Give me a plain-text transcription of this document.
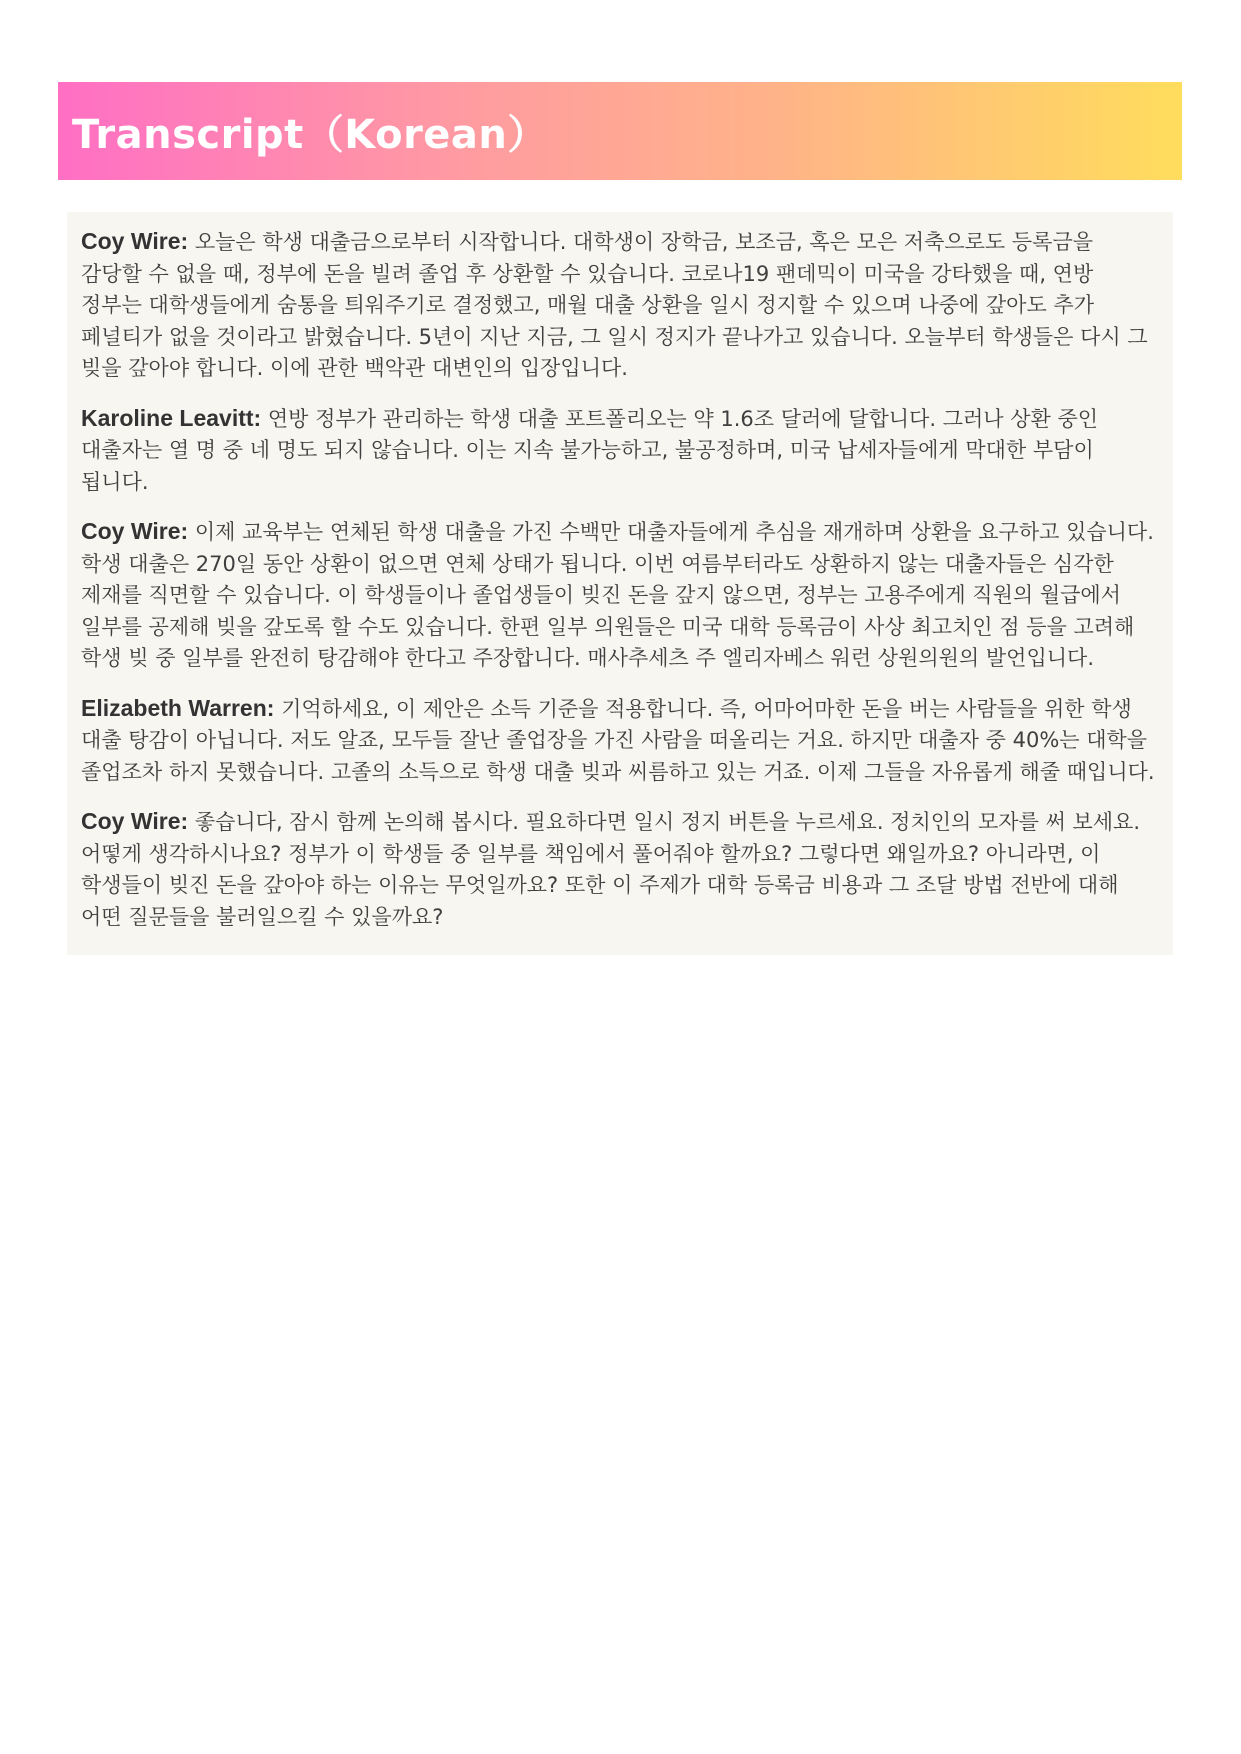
Transcript（Korean）

Coy Wire: 오늘은 학생 대출금으로부터 시작합니다. 대학생이 장학금, 보조금, 혹은 모은 저축으로도 등록금을 감당할 수 없을 때, 정부에 돈을 빌려 졸업 후 상환할 수 있습니다. 코로나19 팬데믹이 미국을 강타했을 때, 연방 정부는 대학생들에게 숨통을 틔워주기로 결정했고, 매월 대출 상환을 일시 정지할 수 있으며 나중에 갚아도 추가 페널티가 없을 것이라고 밝혔습니다. 5년이 지난 지금, 그 일시 정지가 끝나가고 있습니다. 오늘부터 학생들은 다시 그 빚을 갚아야 합니다. 이에 관한 백악관 대변인의 입장입니다.

Karoline Leavitt: 연방 정부가 관리하는 학생 대출 포트폴리오는 약 1.6조 달러에 달합니다. 그러나 상환 중인 대출자는 열 명 중 네 명도 되지 않습니다. 이는 지속 불가능하고, 불공정하며, 미국 납세자들에게 막대한 부담이 됩니다.

Coy Wire: 이제 교육부는 연체된 학생 대출을 가진 수백만 대출자들에게 추심을 재개하며 상환을 요구하고 있습니다. 학생 대출은 270일 동안 상환이 없으면 연체 상태가 됩니다. 이번 여름부터라도 상환하지 않는 대출자들은 심각한 제재를 직면할 수 있습니다. 이 학생들이나 졸업생들이 빚진 돈을 갚지 않으면, 정부는 고용주에게 직원의 월급에서 일부를 공제해 빚을 갚도록 할 수도 있습니다. 한편 일부 의원들은 미국 대학 등록금이 사상 최고치인 점 등을 고려해 학생 빚 중 일부를 완전히 탕감해야 한다고 주장합니다. 매사추세츠 주 엘리자베스 워런 상원의원의 발언입니다.

Elizabeth Warren: 기억하세요, 이 제안은 소득 기준을 적용합니다. 즉, 어마어마한 돈을 버는 사람들을 위한 학생 대출 탕감이 아닙니다. 저도 알죠, 모두들 잘난 졸업장을 가진 사람을 떠올리는 거요. 하지만 대출자 중 40%는 대학을 졸업조차 하지 못했습니다. 고졸의 소득으로 학생 대출 빚과 씨름하고 있는 거죠. 이제 그들을 자유롭게 해줄 때입니다.

Coy Wire: 좋습니다, 잠시 함께 논의해 봅시다. 필요하다면 일시 정지 버튼을 누르세요. 정치인의 모자를 써 보세요. 어떻게 생각하시나요? 정부가 이 학생들 중 일부를 책임에서 풀어줘야 할까요? 그렇다면 왜일까요? 아니라면, 이 학생들이 빚진 돈을 갚아야 하는 이유는 무엇일까요? 또한 이 주제가 대학 등록금 비용과 그 조달 방법 전반에 대해 어떤 질문들을 불러일으킬 수 있을까요?
